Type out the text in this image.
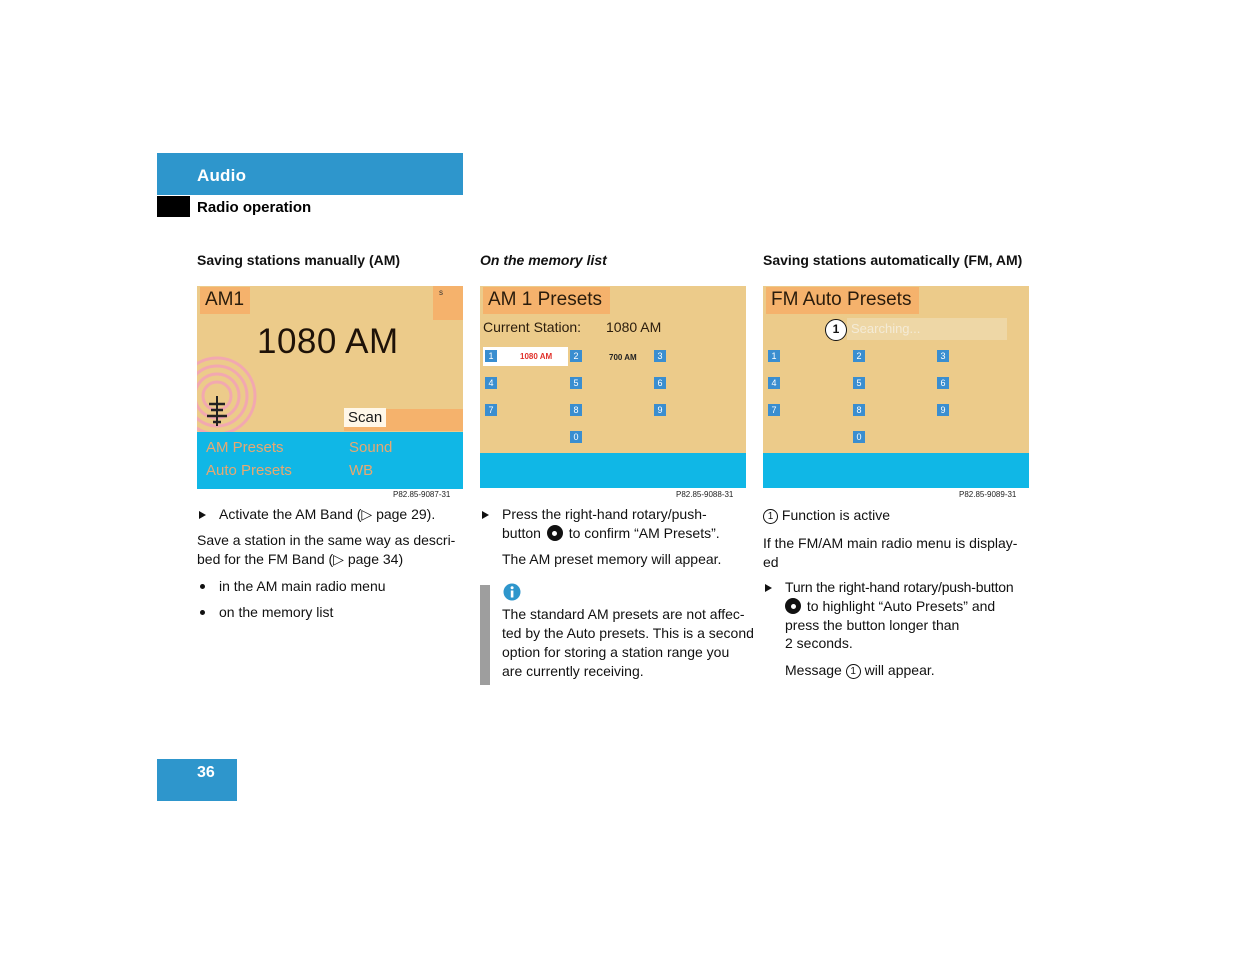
Audio
Radio operation
Saving stations manually (AM)	On the memory list	Saving stations automatically (FM, AM)
AM1	s
1080 AM
Scan
AM Presets	Sound
Auto Presets	WB
P82.85-9087-31
AM 1 Presets
Current Station: 1080 AM
1	1080 AM	2	700 AM	3
4	5	6
7	8	9
0
P82.85-9088-31
FM Auto Presets
1 Searching...
1	2	3
4	5	6
7	8	9
0
P82.85-9089-31
Activate the AM Band (▷ page 29).
Save a station in the same way as descri-
bed for the FM Band (▷ page 34)
in the AM main radio menu
on the memory list
Press the right-hand rotary/push-
button to confirm “AM Presets”.
The AM preset memory will appear.
The standard AM presets are not affec-
ted by the Auto presets. This is a second
option for storing a station range you
are currently receiving.
1 Function is active
If the FM/AM main radio menu is display-
ed
Turn the right-hand rotary/push-button
to highlight “Auto Presets” and
press the button longer than
2 seconds.
Message 1 will appear.
36
